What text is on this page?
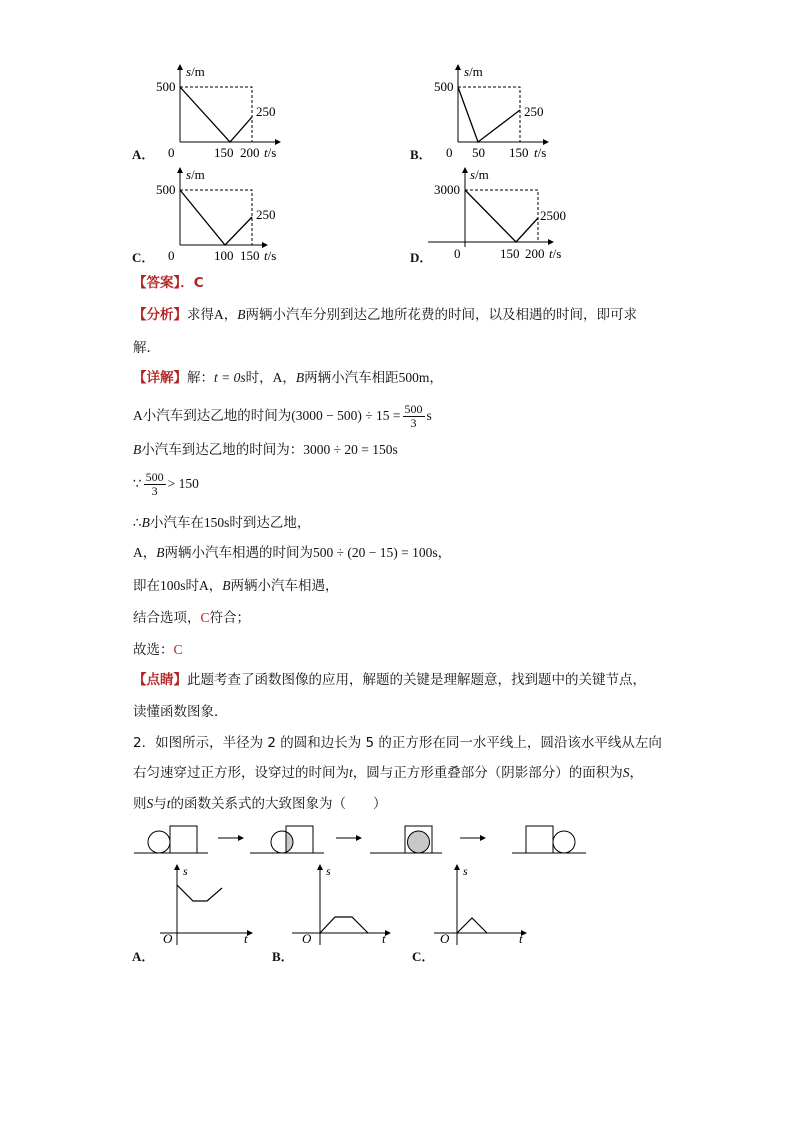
s/m
500
250
0	150 200 t/s
A．
s/m
500
250
0 50 150 t/s
B．
s/m
500
250
0	100 150 t/s
C．
s/m
3000
2500
0	150 200 t/s
D．
【答案】．C
【分析】求得A，B两辆小汽车分别到达乙地所花费的时间，以及相遇的时间，即可求
解．
【详解】解：t = 0s时，A，B两辆小汽车相距500m，
A小汽车到达乙地的时间为$(3000 - 500) \div 15 = \frac{500}{3}$ s
B小汽车到达乙地的时间为：3000 ÷ 20 = 150s
∵ $\frac{500}{3} > 150$
∴B小汽车在150s时到达乙地，
A，B两辆小汽车相遇的时间为500 ÷ (20 − 15) = 100s，
即在100s时A，B两辆小汽车相遇，
结合选项，C符合；
故选：C
【点睛】此题考查了函数图像的应用，解题的关键是理解题意，找到题中的关键节点，
读懂函数图象．
2．如图所示，半径为 2 的圆和边长为 5 的正方形在同一水平线上，圆沿该水平线从左向
右匀速穿过正方形，设穿过的时间为t，圆与正方形重叠部分（阴影部分）的面积为S，
则S与t的函数关系式的大致图象为（　　）
s
O	t
A．
s
O	t
B．
s
O	t
C．
